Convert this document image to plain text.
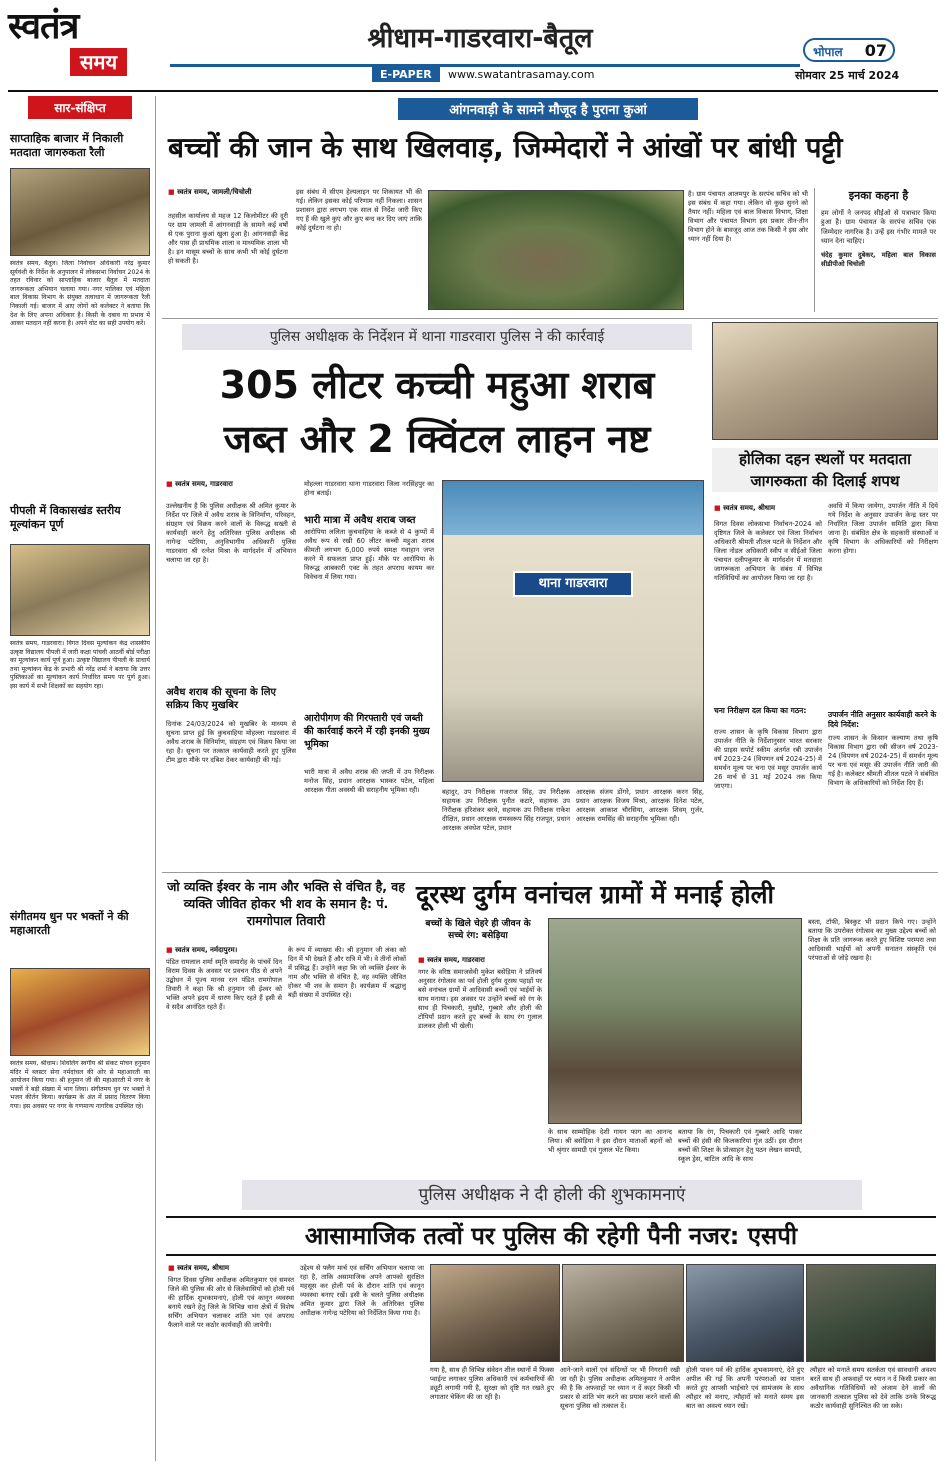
स्वतंत्र
समय
श्रीधाम-गाडरवारा-बैतूल
E-PAPER	www.swatantrasamay.com
भोपाल 07
सोमवार 25 मार्च 2024
सार-संक्षिप्त
साप्ताहिक बाजार में निकाली मतदाता जागरुकता रैली
स्वतंत्र समय, बैतूल। जिला निर्वाचन अधिकारी नरेंद्र कुमार सूर्यवंशी के निर्देश के अनुपालन में लोकसभा निर्वाचन 2024 के तहत रविवार को साप्ताहिक बाजार बैतूल में मतदाता जागरूकता अभियान चलाया गया। नगर पालिका एवं महिला बाल विकास विभाग के संयुक्त तत्वाधान में जागरूकता रैली निकाली गई। बाजार में आए लोगों को कलेक्टर ने बताया कि देश के लिए अपना अधिकार है। किसी के दबाव या प्रभाव में आकर मतदान नहीं करना है। अपने वोट का सही उपयोग करें।
पीपली में विकासखंड स्तरीय मूल्यांकन पूर्ण
स्वतंत्र समय, गाडरवारा। विगत दिवस मूल्यांकन केंद्र शासकीय उत्कृष्ट विद्यालय पीपली में जारी कक्षा पांचवी आठवीं बोर्ड परीक्षा का मूल्यांकन कार्य पूर्ण हुआ। उत्कृष्ट विद्यालय पीपली के प्राचार्य तथा मूल्यांकन केंद्र के प्रभारी श्री नरेंद्र शर्मा ने बताया कि उत्तर पुस्तिकाओं का मूल्यांकन कार्य निर्धारित समय पर पूर्ण हुआ। इस कार्य में सभी शिक्षकों का सहयोग रहा।
संगीतमय धुन पर भक्तों ने की महाआरती
स्वतंत्र समय, श्रीधाम। शिवलिंग स्वर्गीय श्री संकट मोचन हनुमान मंदिर में ब्लस्टर सेना नर्मदांचल की ओर से महाआरती का आयोजन किया गया। श्री हनुमान जी की महाआरती में नगर के भक्तों ने बड़ी संख्या में भाग लिया। संगीतमय धुन पर भक्तों ने भजन कीर्तन किया। कार्यक्रम के अंत में प्रसाद वितरण किया गया। इस अवसर पर नगर के गणमान्य नागरिक उपस्थित रहे।
आंगनवाड़ी के सामने मौजूद है पुराना कुआं
बच्चों की जान के साथ खिलवाड़, जिम्मेदारों ने आंखों पर बांधी पट्टी
■ स्वतंत्र समय, जामली/चिचोली
तहसील कार्यालय से महज 12 किलोमीटर की दूरी पर ग्राम जामली में आंगनवाड़ी के सामने कई वर्षों से एक पुराना कुआं खुला हुआ है। आंगनवाड़ी केंद्र और पास ही प्राथमिक शाला व माध्यमिक शाला भी है। इन मासूम बच्चों के साथ कभी भी कोई दुर्घटना हो सकती है।
इस संबंध में सीएम हेल्पलाइन पर शिकायत भी की गई। लेकिन इसका कोई परिणाम नहीं निकला। शासन प्रशासन द्वारा लगभग एक साल से निर्देश जारी किए गए हैं की खुले कुएं और कुए बन्द कर दिए जाएं ताकि कोई दुर्घटना ना हो।
है। ग्राम पंचायत आलमपुर के सरपंच सचिव को भी इस संबंध में कहा गया। लेकिन वो कुछ सुनने को तैयार नहीं। महिला एवं बाल विकास विभाग, शिक्षा विभाग और पंचायत विभाग इस प्रकार तीन-तीन विभाग होने के बावजूद आज तक किसी ने इस ओर ध्यान नहीं दिया है।
इनका कहना है
हम लोगों ने जनपद सीईओ से पत्राचार किया हुआ है। ग्राम पंचायत के सरपंच सचिव एक जिम्मेदार नागरिक है। उन्हें इस गंभीर मामले पर ध्यान देना चाहिए।
चंदेह कुमार दुबेकर, महिला बाल विकास सीडीपीओ चिचोली
पुलिस अधीक्षक के निर्देशन में थाना गाडरवारा पुलिस ने की कार्रवाई
305 लीटर कच्ची महुआ शराब
जब्त और 2 क्विंटल लाहन नष्ट
■ स्वतंत्र समय, गाडरवारा
उल्लेखनीय है कि पुलिस अधीक्षक श्री अमित कुमार के निर्देश पर जिले में अवैध शराब के विनिर्माण, परिवहन, संग्रहण एवं विक्रय करने वालों के विरूद्ध सख्ती से कार्यवाही करने हेतु अतिरिक्त पुलिस अधीक्षक श्री नागेन्द्र पटेरिया, अनुविभागीय अधिकारी पुलिस गाडरवारा श्री रत्नेश मिश्रा के मार्गदर्शन में अभियान चलाया जा रहा है।
अवैध शराब की सूचना के लिए सक्रिय किए मुखबिर
दिनांक 24/03/2024 को मुखबिर के माध्यम से सूचना प्राप्त हुई कि कुचवाहिया मोहल्ला गाडरवारा में अवैध शराब के विनिर्माण, संग्रहण एवं विक्रय किया जा रहा है। सूचना पर तत्काल कार्यवाही करते हुए पुलिस टीम द्वारा मौके पर दबिश देकर कार्यवाही की गई।
मोहल्ला गाडरवारा थाना गाडरवारा जिला नरसिंहपुर का होना बताई।
भारी मात्रा में अवैध शराब जब्त
आरोपिया ललिता कुचवाहिया के कब्जे से 4 कुप्पों में अवैध रूप से रखी 60 लीटर कच्ची महुआ शराब कीमती लगभग 6,000 रुपये समक्ष गवाहान जप्त करने में सफलता प्राप्त हुई। मौके पर आरोपिया के विरूद्ध आबकारी एक्ट के तहत अपराध कायम कर विवेचना में लिया गया।
आरोपीगण की गिरफ्तारी एवं जब्ती की कार्रवाई करने में रही इनकी मुख्य भूमिका
भारी मात्रा में अवैध शराब की जप्ती में उप निरीक्षक मनोज सिंह, प्रधान आरक्षक भास्कर पटेल, महिला आरक्षक गीता अवस्थी की सराहनीय भूमिका रही।
थाना गाडरवारा
बहादुर, उप निरीक्षक गजराज सिंह, उप निरीक्षक सहायक उप निरीक्षक पुनीत कटारे, सहायक उप निरीक्षक हरिशंकर बरवे, सहायक उप निरीक्षक राकेश दीक्षित, प्रधान आरक्षक रामस्वरूप सिंह राजपूत, प्रधान आरक्षक अवधेश पटेल, प्रधान
आरक्षक संजय डोंगरे, प्रधान आरक्षक करन सिंह, प्रधान आरक्षक विजय मिश्रा, आरक्षक दिनेश पटेल, आरक्षक आकाश चौरसिया, आरक्षक शिवम् गुर्जर, आरक्षक रामसिंह की सराहनीय भूमिका रही।
होलिका दहन स्थलों पर मतदाता जागरुकता की दिलाई शपथ
■ स्वतंत्र समय, श्रीधाम
विगत दिवस लोकसभा निर्वाचन-2024 को दृष्टिगत जिले के कलेक्टर एवं जिला निर्वाचन अधिकारी श्रीमती शीतल पटले के निर्देशन और जिला नोडल अधिकारी स्वीप व सीईओ जिला पंचायत दलीपकुमार के मार्गदर्शन में मतदाता जागरूकता अभियान के संबंध में विभिन्न गतिविधियों का आयोजन किया जा रहा है।
चना निरीक्षण दल किया का गठन:
राज्य शासन के कृषि विकास विभाग द्वारा उपार्जन नीति के निर्देशानुसार भारत सरकार की प्राइस सपोर्ट स्कीम अंतर्गत रबी उपार्जन वर्ष 2023-24 (विपणन वर्ष 2024-25) में समर्थन मूल्य पर चना एवं मसूर उपार्जन कार्य 26 मार्च से 31 मई 2024 तक किया जाएगा।
अवधि में किया जायेगा, उपार्जन नीति में दिये गये निर्देश के अनुसार उपार्जन केन्द्र स्तर पर निर्धारित जिला उपार्जन समिति द्वारा किया जाना है। संबंधित क्षेत्र के सहकारी संस्थाओं व कृषि विभाग के अधिकारियों को निरीक्षण करना होगा।
उपार्जन नीति अनुसार कार्यवाही करने के दिये निर्देश:
राज्य शासन के किसान कल्याण तथा कृषि विकास विभाग द्वारा रबी सीजन वर्ष 2023-24 (विपणन वर्ष 2024-25) में समर्थन मूल्य पर चना एवं मसूर की उपार्जन नीति जारी की गई है। कलेक्टर श्रीमती शीतल पटले ने संबंधित विभाग के अधिकारियों को निर्देश दिए हैं।
जो व्यक्ति ईश्वर के नाम और भक्ति से वंचित है, वह व्यक्ति जीवित होकर भी शव के समान है: पं. रामगोपाल तिवारी
■ स्वतंत्र समय, नर्मदापुरम।
पंडित रामलाल शर्मा स्मृति समारोह के पांचवें दिन विराम दिवस के अवसर पर प्रवचन पीठ से अपने उद्बोधन में पूज्य मानस रत्न पंडित रामगोपाल तिवारी ने कहा कि श्री हनुमान जी ईश्वर को भक्ति अपने ह्रदय में धारण किए रहते हैं इसी से वे सदैव आनंदित रहते हैं।
के रूप में व्याख्या की। श्री हनुमान जी लंका को दिन में भी देखते हैं और रात्रि में भी। वे तीनों लोकों में प्रसिद्ध हैं। उन्होंने कहा कि जो व्यक्ति ईश्वर के नाम और भक्ति से वंचित है, वह व्यक्ति जीवित होकर भी शव के समान है। कार्यक्रम में श्रद्धालु बड़ी संख्या में उपस्थित रहे।
दूरस्थ दुर्गम वनांचल ग्रामों में मनाई होली
बच्चों के खिले चेहरे ही जीवन के सच्चे रंग: बसेड़िया
■ स्वतंत्र समय, गाडरवारा
नगर के वरिष्ठ समाजसेवी मुकेश बसेड़िया ने प्रतिवर्ष अनुसार रंगोत्सव का पर्व होली दुर्गम दूरस्थ पहाड़ों पर बसे वनांचल ग्रामों में आदिवासी बच्चों एवं भाईयों के साथ मनाया। इस अवसर पर उन्होंने बच्चों को रंग के साथ ही पिचकारी, मुखौटे, गुब्बारे और होली की टोपियाँ प्रदान करते हुए बच्चों के साथ रंग गुलाल डालकर होली भी खेली।
के साथ साम्मोहिक देशी गायन फाग का आनन्द लिया। श्री बसेड़िया ने इस दौरान माताओं बहनों को भी श्रृंगार सामग्री एवं गुलाल भेंट किया।
बताया कि रंग, पिचकारी एवं गुब्बारे आदि पाकर बच्चों की हंसी की किलकारियां गूंज उठीं। इस दौरान बच्चों की शिक्षा के प्रोत्साहन हेतु पठन लेखन सामग्री, स्कूल ड्रेस, बाटिल आदि के साथ
बस्ता, टॉफी, बिस्कुट भी प्रदान किये गए। उन्होंने बताया कि उपरोक्त रंगोत्सव का मुख्य उद्देश्य बच्चों को शिक्षा के प्रति जागरूक करते हुए विशिष्ट परम्परा तथा आदिवासी भाईयों को अपनी सनातन संस्कृति एवं परंपराओं से जोड़े रखना है।
पुलिस अधीक्षक ने दी होली की शुभकामनाएं
आसामाजिक तत्वों पर पुलिस की रहेगी पैनी नजर: एसपी
■ स्वतंत्र समय, श्रीधाम
विगत दिवस पुलिस अधीक्षक अमितकुमार एवं समस्त जिले की पुलिस की ओर से जिलेवासियों को होली पर्व की हार्दिक शुभकामनाएं, होली एवं कानून व्यवस्था बनाये रखने हेतु जिले के विभिन्न थाना क्षेत्रों में विशेष सर्चिंग अभियान चलाकर शांति भंग एवं अपराध फैलाने वाले पर कठोर कार्यवाही की जायेगी।
उद्देश्य से फ्लैग मार्च एवं सर्चिंग अभियान चलाया जा रहा है, ताकि असामाजिक अपने आपको सुरक्षित महसूस कर होली पर्व के दौरान शांति एवं कानून व्यवस्था बनाए रखें। इसी के चलते पुलिस अधीक्षक अमित कुमार द्वारा जिले के अतिरिक्त पुलिस अधीक्षक नागेन्द्र पटेरिया को निर्देशित किया गया है।
गया है, साथ ही विभिन्न संवेदन शील स्थानों में फिक्स प्वाईन्ट लगाकर पुलिस अधिकारी एवं कर्मचारियों की ड्यूटी लगायी गयी है, सुरक्षा को दृष्टि गत रखते हुए लगातार चेकिंग की जा रही है।
आने-जाने वालों एवं संदिग्धों पर भी निगरानी रखी जा रही है। पुलिस अधीक्षक अमितकुमार ने अपील की है कि अफवाहों पर ध्यान न दें कहर किसी भी प्रकार से शांति भंग करने का प्रयास करने वालों की सूचना पुलिस को तत्काल दें।
होली पावन पर्व की हार्दिक शुभकामनाएं, देते हुए अपील की गई कि अपनी परंपराओं का पालन करते हुए आपसी भाईचारे एवं सामंजस्य के साथ त्यौहार को मनाए, त्यौहारों को मनाते समय इस बात का अवश्य ध्यान रखें।
त्यौहार को मनाते समय सतर्कता एवं सावधानी अवश्य बरतें साथ ही अफवाहों पर ध्यान न दें किसी प्रकार का अवैधानिक गतिविधियों को अंजाम देने वालों की जानकारी तत्काल पुलिस को देवे ताकि उनके विरूद्ध कठोर कार्यवाही सुनिश्चित की जा सके।
